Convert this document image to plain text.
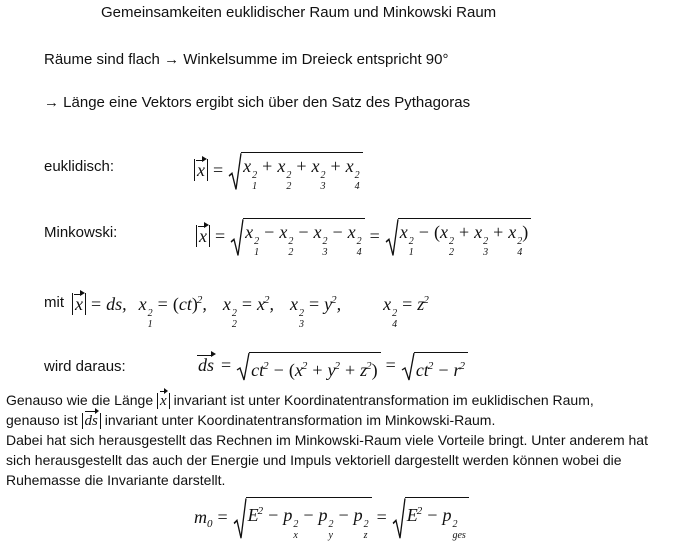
Gemeinsamkeiten euklidischer Raum und Minkowski Raum
Räume sind flach → Winkelsumme im Dreieck entspricht 90°
→ Länge eine Vektors ergibt sich über den Satz des Pythagoras
euklidisch:	x = x 2
1
+ x 2
2
+ x 2
3
+ x 2
4
Minkowski:	x = x 2
1
− x 2
2
− x 2
3
− x 2
4
= x 2
1
− (x 2
2
+ x 2
3
+ x 2
4
)
mit x = ds, x 2
1
= (ct)$^2$, x 2
2
= $x^2$, x 2
3
= $y^2$, x 2
4
= $z^2$
wird daraus:	ds = $ct^2 - (x^2 + y^2 + z^2) = ct^2 - r^2$
Genauso wie die Länge x invariant ist unter Koordinatentransformation im euklidischen Raum,
genauso ist ds invariant unter Koordinatentransformation im Minkowski-Raum.
Dabei hat sich herausgestellt das Rechnen im Minkowski-Raum viele Vorteile bringt. Unter anderem hat
sich herausgestellt das auch der Energie und Impuls vektoriell dargestellt werden können wobei die
Ruhemasse die Invariante darstellt.
$m_0 = E^2 - p$ 2
x
− p 2
y
− p 2
z
= $E^2 - p$ 2
ges
